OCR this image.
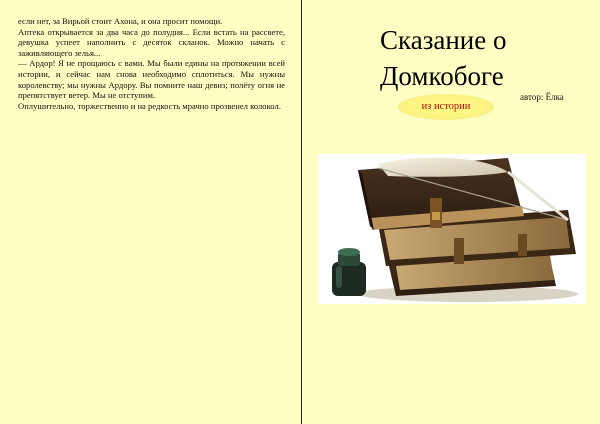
если нет, за Вирьой стоит Ахона, и она просит помощи.

Аптека открывается за два часа до полудня... Если встать на рассвете, девушка успеет наполнить с десяток скланок. Можно начать с заживляющего зелья...

— Ардор! Я не прощаюсь с вами. Мы были едины на протяжении всей истории, и сейчас нам снова необходимо сплотиться. Мы нужны королевству; мы нужны Ардору. Вы помните наш девиз; полёту огня не препятствует ветер. Мы не отступим.

Оплушительно, торжественно и на редкость мрачно прозвенел колокол.

Сказание о
Домкобоге
из истории
автор: Ёлка
